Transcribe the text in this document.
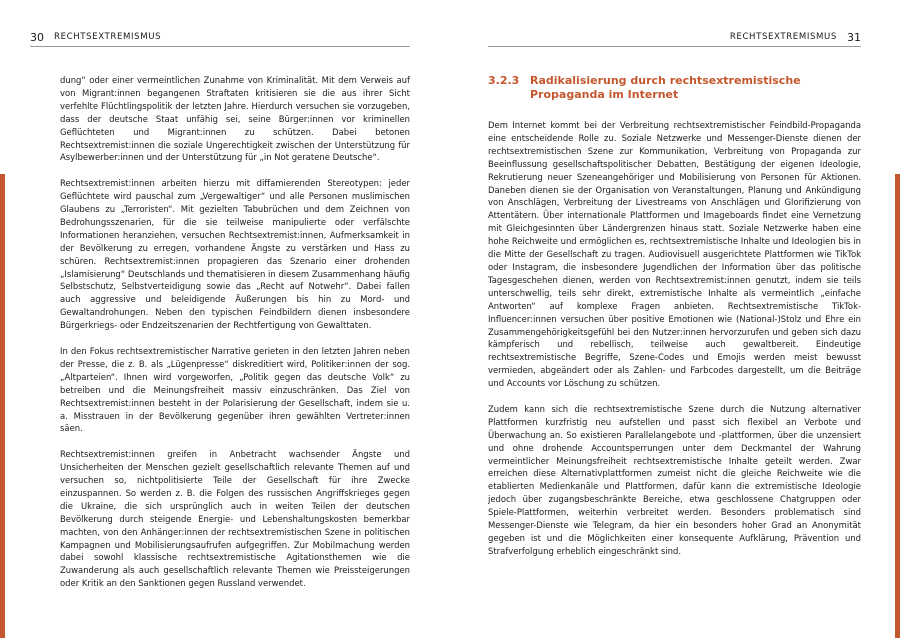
30 RECHTSEXTREMISMUS

dung“ oder einer vermeintlichen Zunahme von Kriminalität. Mit dem Verweis auf von Migrant:innen begangenen Straftaten kritisieren sie die aus ihrer Sicht verfehlte Flüchtlingspolitik der letzten Jahre. Hierdurch versuchen sie vorzugeben, dass der deutsche Staat unfähig sei, seine Bürger:innen vor kriminellen Geflüchteten und Migrant:innen zu schützen. Dabei betonen Rechtsextremist:innen die soziale Ungerechtigkeit zwischen der Unterstützung für Asylbewerber:innen und der Unterstützung für „in Not geratene Deutsche“.

Rechtsextremist:innen arbeiten hierzu mit diffamierenden Stereotypen: jeder Geflüchtete wird pauschal zum „Vergewaltiger“ und alle Personen muslimischen Glaubens zu „Terroristen“. Mit gezielten Tabubrüchen und dem Zeichnen von Bedrohungsszenarien, für die sie teilweise manipulierte oder verfälschte Informationen heranziehen, versuchen Rechtsextremist:innen, Aufmerksamkeit in der Bevölkerung zu erregen, vorhandene Ängste zu verstärken und Hass zu schüren. Rechtsextremist:innen propagieren das Szenario einer drohenden „Islamisierung“ Deutschlands und thematisieren in diesem Zusammenhang häufig Selbstschutz, Selbstverteidigung sowie das „Recht auf Notwehr“. Dabei fallen auch aggressive und beleidigende Äußerungen bis hin zu Mord- und Gewaltandrohungen. Neben den typischen Feindbildern dienen insbesondere Bürgerkriegs- oder Endzeitszenarien der Rechtfertigung von Gewalttaten.

In den Fokus rechtsextremistischer Narrative gerieten in den letzten Jahren neben der Presse, die z. B. als „Lügenpresse“ diskreditiert wird, Politiker:innen der sog. „Altparteien“. Ihnen wird vorgeworfen, „Politik gegen das deutsche Volk“ zu betreiben und die Meinungsfreiheit massiv einzuschränken. Das Ziel von Rechtsextremist:innen besteht in der Polarisierung der Gesellschaft, indem sie u. a. Misstrauen in der Bevölkerung gegenüber ihren gewählten Vertreter:innen säen.

Rechtsextremist:innen greifen in Anbetracht wachsender Ängste und Unsicherheiten der Menschen gezielt gesellschaftlich relevante Themen auf und versuchen so, nichtpolitisierte Teile der Gesellschaft für ihre Zwecke einzuspannen. So werden z. B. die Folgen des russischen Angriffskrieges gegen die Ukraine, die sich ursprünglich auch in weiten Teilen der deutschen Bevölkerung durch steigende Energie- und Lebenshaltungskosten bemerkbar machten, von den Anhänger:innen der rechtsextremistischen Szene in politischen Kampagnen und Mobilisierungsaufrufen aufgegriffen. Zur Mobilmachung werden dabei sowohl klassische rechtsextremistische Agitationsthemen wie die Zuwanderung als auch gesellschaftlich relevante Themen wie Preissteigerungen oder Kritik an den Sanktionen gegen Russland verwendet.

RECHTSEXTREMISMUS 31
3.2.3 Radikalisierung durch rechtsextremistische Propaganda im Internet

Dem Internet kommt bei der Verbreitung rechtsextremistischer Feindbild-Propaganda eine entscheidende Rolle zu. Soziale Netzwerke und Messenger-Dienste dienen der rechtsextremistischen Szene zur Kommunikation, Verbreitung von Propaganda zur Beeinflussung gesellschaftspolitischer Debatten, Bestätigung der eigenen Ideologie, Rekrutierung neuer Szeneangehöriger und Mobilisierung von Personen für Aktionen. Daneben dienen sie der Organisation von Veranstaltungen, Planung und Ankündigung von Anschlägen, Verbreitung der Livestreams von Anschlägen und Glorifizierung von Attentätern. Über internationale Plattformen und Imageboards findet eine Vernetzung mit Gleichgesinnten über Ländergrenzen hinaus statt. Soziale Netzwerke haben eine hohe Reichweite und ermöglichen es, rechtsextremistische Inhalte und Ideologien bis in die Mitte der Gesellschaft zu tragen. Audiovisuell ausgerichtete Plattformen wie TikTok oder Instagram, die insbesondere Jugendlichen der Information über das politische Tagesgeschehen dienen, werden von Rechtsextremist:innen genutzt, indem sie teils unterschwellig, teils sehr direkt, extremistische Inhalte als vermeintlich „einfache Antworten“ auf komplexe Fragen anbieten. Rechtsextremistische TikTok-Influencer:innen versuchen über positive Emotionen wie (National-)Stolz und Ehre ein Zusammengehörigkeitsgefühl bei den Nutzer:innen hervorzurufen und geben sich dazu kämpferisch und rebellisch, teilweise auch gewaltbereit. Eindeutige rechtsextremistische Begriffe, Szene-Codes und Emojis werden meist bewusst vermieden, abgeändert oder als Zahlen- und Farbcodes dargestellt, um die Beiträge und Accounts vor Löschung zu schützen.

Zudem kann sich die rechtsextremistische Szene durch die Nutzung alternativer Plattformen kurzfristig neu aufstellen und passt sich flexibel an Verbote und Überwachung an. So existieren Parallelangebote und -plattformen, über die unzensiert und ohne drohende Accountsperrungen unter dem Deckmantel der Wahrung vermeintlicher Meinungsfreiheit rechtsextremistische Inhalte geteilt werden. Zwar erreichen diese Alternativplattformen zumeist nicht die gleiche Reichweite wie die etablierten Medienkanäle und Plattformen, dafür kann die extremistische Ideologie jedoch über zugangsbeschränkte Bereiche, etwa geschlossene Chatgruppen oder Spiele-Plattformen, weiterhin verbreitet werden. Besonders problematisch sind Messenger-Dienste wie Telegram, da hier ein besonders hoher Grad an Anonymität gegeben ist und die Möglichkeiten einer konsequente Aufklärung, Prävention und Strafverfolgung erheblich eingeschränkt sind.
